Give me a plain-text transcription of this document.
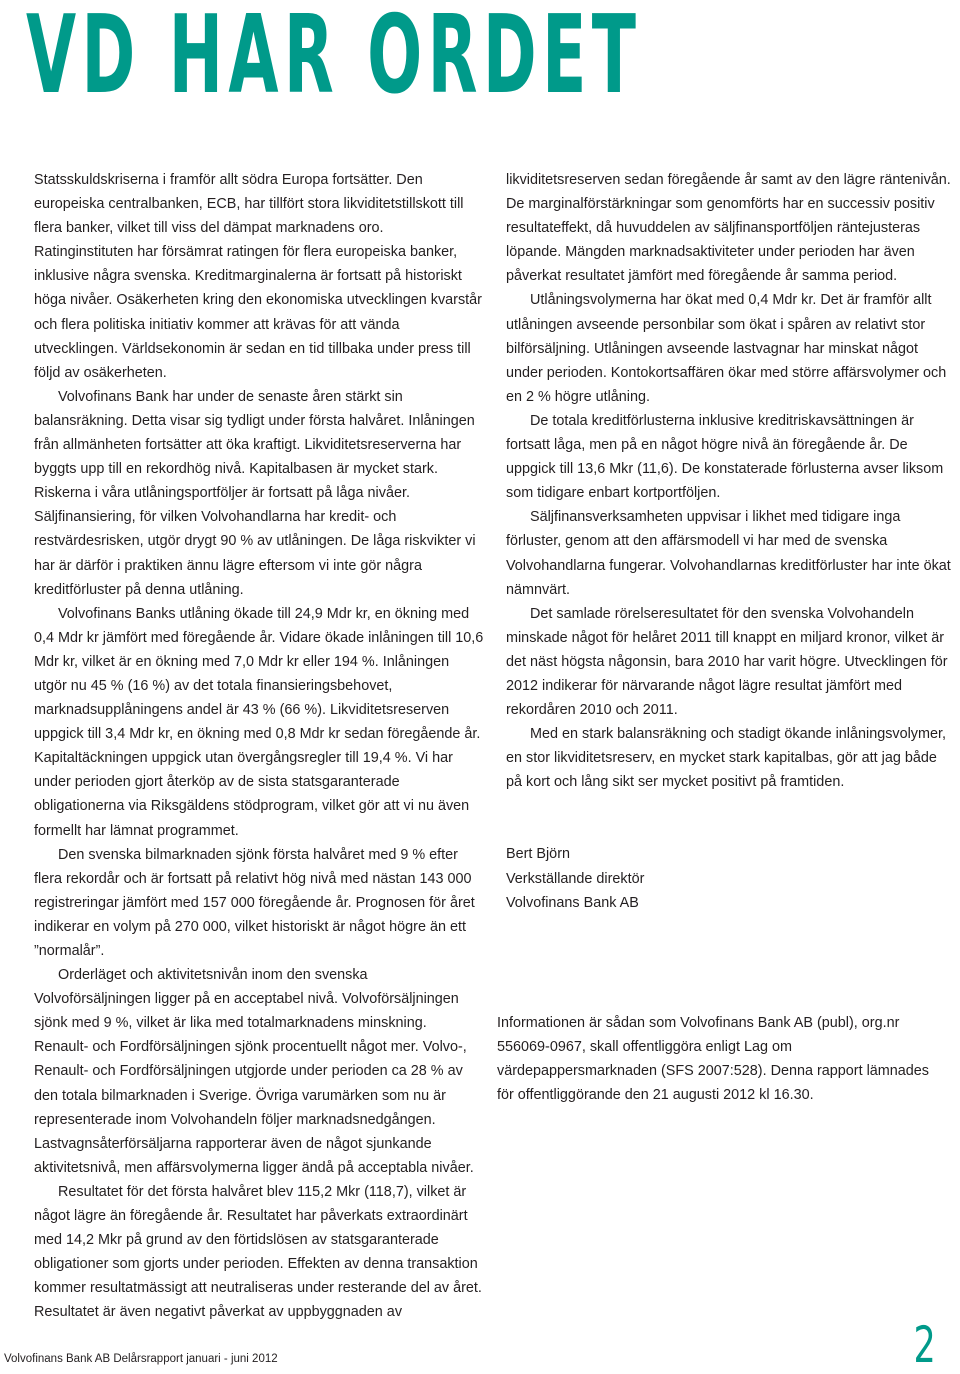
VD HAR ORDET

Statsskuldskriserna i framför allt södra Europa fortsätter. Den europeiska centralbanken, ECB, har tillfört stora likviditetstillskott till flera banker, vilket till viss del dämpat marknadens oro. Ratinginstituten har försämrat ratingen för flera europeiska banker, inklusive några svenska. Kreditmarginalerna är fortsatt på historiskt höga nivåer. Osäkerheten kring den ekonomiska utvecklingen kvarstår och flera politiska initiativ kommer att krävas för att vända utvecklingen. Världsekonomin är sedan en tid tillbaka under press till följd av osäkerheten.

Volvofinans Bank har under de senaste åren stärkt sin balansräkning. Detta visar sig tydligt under första halvåret. Inlåningen från allmänheten fortsätter att öka kraftigt. Likviditetsreserverna har byggts upp till en rekordhög nivå. Kapitalbasen är mycket stark. Riskerna i våra utlåningsportföljer är fortsatt på låga nivåer. Säljfinansiering, för vilken Volvohandlarna har kredit- och restvärdesrisken, utgör drygt 90 % av utlåningen. De låga riskvikter vi har är därför i praktiken ännu lägre eftersom vi inte gör några kreditförluster på denna utlåning.

Volvofinans Banks utlåning ökade till 24,9 Mdr kr, en ökning med 0,4 Mdr kr jämfört med föregående år. Vidare ökade inlåningen till 10,6 Mdr kr, vilket är en ökning med 7,0 Mdr kr eller 194 %. Inlåningen utgör nu 45 % (16 %) av det totala finansieringsbehovet, marknadsupplåningens andel är 43 % (66 %). Likviditetsreserven uppgick till 3,4 Mdr kr, en ökning med 0,8 Mdr kr sedan föregående år. Kapitaltäckningen uppgick utan övergångsregler till 19,4 %. Vi har under perioden gjort återköp av de sista statsgaranterade obligationerna via Riksgäldens stödprogram, vilket gör att vi nu även formellt har lämnat programmet.

Den svenska bilmarknaden sjönk första halvåret med 9 % efter flera rekordår och är fortsatt på relativt hög nivå med nästan 143 000 registreringar jämfört med 157 000 föregående år. Prognosen för året indikerar en volym på 270 000, vilket historiskt är något högre än ett ”normalår”.

Orderläget och aktivitetsnivån inom den svenska Volvoförsäljningen ligger på en acceptabel nivå. Volvoförsäljningen sjönk med 9 %, vilket är lika med totalmarknadens minskning. Renault- och Fordförsäljningen sjönk procentuellt något mer. Volvo-, Renault- och Fordförsäljningen utgjorde under perioden ca 28 % av den totala bilmarknaden i Sverige. Övriga varumärken som nu är representerade inom Volvohandeln följer marknadsnedgången. Lastvagnsåterförsäljarna rapporterar även de något sjunkande aktivitetsnivå, men affärsvolymerna ligger ändå på acceptabla nivåer.

Resultatet för det första halvåret blev 115,2 Mkr (118,7), vilket är något lägre än föregående år. Resultatet har påverkats extraordinärt med 14,2 Mkr på grund av den förtidslösen av statsgaranterade obligationer som gjorts under perioden. Effekten av denna transaktion kommer resultatmässigt att neutraliseras under resterande del av året. Resultatet är även negativt påverkat av uppbyggnaden av

likviditetsreserven sedan föregående år samt av den lägre räntenivån. De marginalförstärkningar som genomförts har en successiv positiv resultateffekt, då huvuddelen av säljfinansportföljen räntejusteras löpande. Mängden marknadsaktiviteter under perioden har även påverkat resultatet jämfört med föregående år samma period.

Utlåningsvolymerna har ökat med 0,4 Mdr kr. Det är framför allt utlåningen avseende personbilar som ökat i spåren av relativt stor bilförsäljning. Utlåningen avseende lastvagnar har minskat något under perioden. Kontokortsaffären ökar med större affärsvolymer och en 2 % högre utlåning.

De totala kreditförlusterna inklusive kreditriskavsättningen är fortsatt låga, men på en något högre nivå än föregående år. De uppgick till 13,6 Mkr (11,6). De konstaterade förlusterna avser liksom som tidigare enbart kortportföljen.

Säljfinansverksamheten uppvisar i likhet med tidigare inga förluster, genom att den affärsmodell vi har med de svenska Volvohandlarna fungerar. Volvohandlarnas kreditförluster har inte ökat nämnvärt.

Det samlade rörelseresultatet för den svenska Volvohandeln minskade något för helåret 2011 till knappt en miljard kronor, vilket är det näst högsta någonsin, bara 2010 har varit högre. Utvecklingen för 2012 indikerar för närvarande något lägre resultat jämfört med rekordåren 2010 och 2011.

Med en stark balansräkning och stadigt ökande inlåningsvolymer, en stor likviditetsreserv, en mycket stark kapitalbas, gör att jag både på kort och lång sikt ser mycket positivt på framtiden.

Bert Björn

Verkställande direktör

Volvofinans Bank AB

Informationen är sådan som Volvofinans Bank AB (publ), org.nr 556069-0967, skall offentliggöra enligt Lag om värdepappersmarknaden (SFS 2007:528). Denna rapport lämnades för offentliggörande den 21 augusti 2012 kl 16.30.

Volvofinans Bank AB Delårsrapport januari - juni 2012	2
